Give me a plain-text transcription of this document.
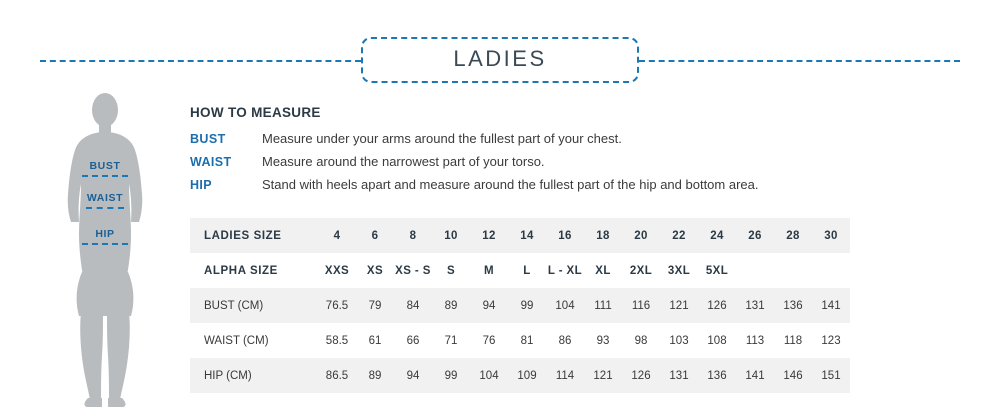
LADIES
BUST
WAIST
HIP
HOW TO MEASURE
BUST	Measure under your arms around the fullest part of your chest.
WAIST	Measure around the narrowest part of your torso.
HIP	Stand with heels apart and measure around the fullest part of the hip and bottom area.
LADIES SIZE	4	6	8	10	12	14	16	18	20	22	24	26	28	30
ALPHA SIZE	XXS	XS	XS - S	S	M	L	L - XL	XL	2XL	3XL	5XL			
BUST (CM)	76.5	79	84	89	94	99	104	111	116	121	126	131	136	141
WAIST (CM)	58.5	61	66	71	76	81	86	93	98	103	108	113	118	123
HIP (CM)	86.5	89	94	99	104	109	114	121	126	131	136	141	146	151
